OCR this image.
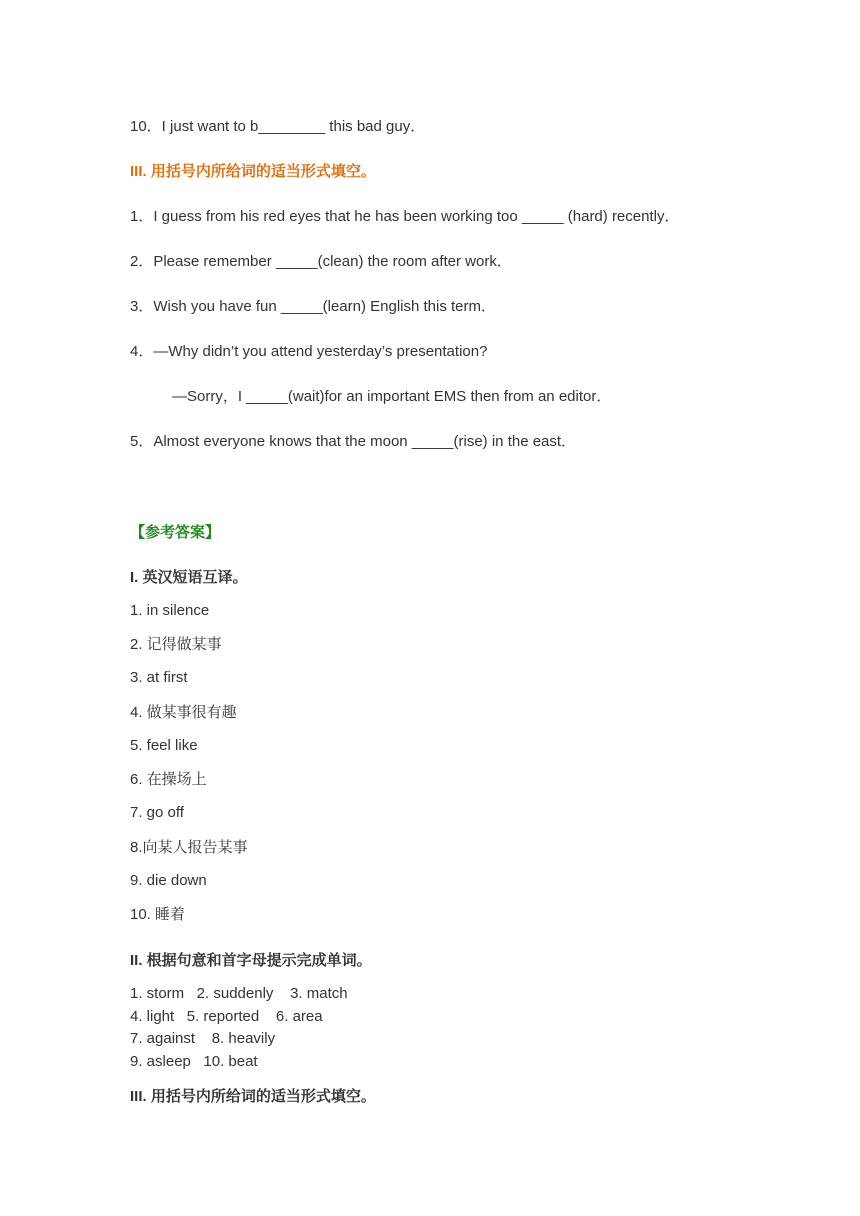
10．I just want to b________ this bad guy．
III. 用括号内所给词的适当形式填空。
1．I guess from his red eyes that he has been working too _____ (hard) recently．
2．Please remember _____(clean) the room after work．
3．Wish you have fun _____(learn) English this term．
4．—Why didn’t you attend yesterday’s presentation?
—Sorry，I _____(wait)for an important EMS then from an editor．
5．Almost everyone knows that the moon _____(rise) in the east．
【参考答案】
I. 英汉短语互译。
1. in silence
2. 记得做某事
3. at first
4. 做某事很有趣
5. feel like
6. 在操场上
7. go off
8.向某人报告某事
9. die down
10. 睡着
II. 根据句意和首字母提示完成单词。
1. storm   2. suddenly    3. match
4. light   5. reported    6. area
7. against    8. heavily
9. asleep   10. beat
III. 用括号内所给词的适当形式填空。
